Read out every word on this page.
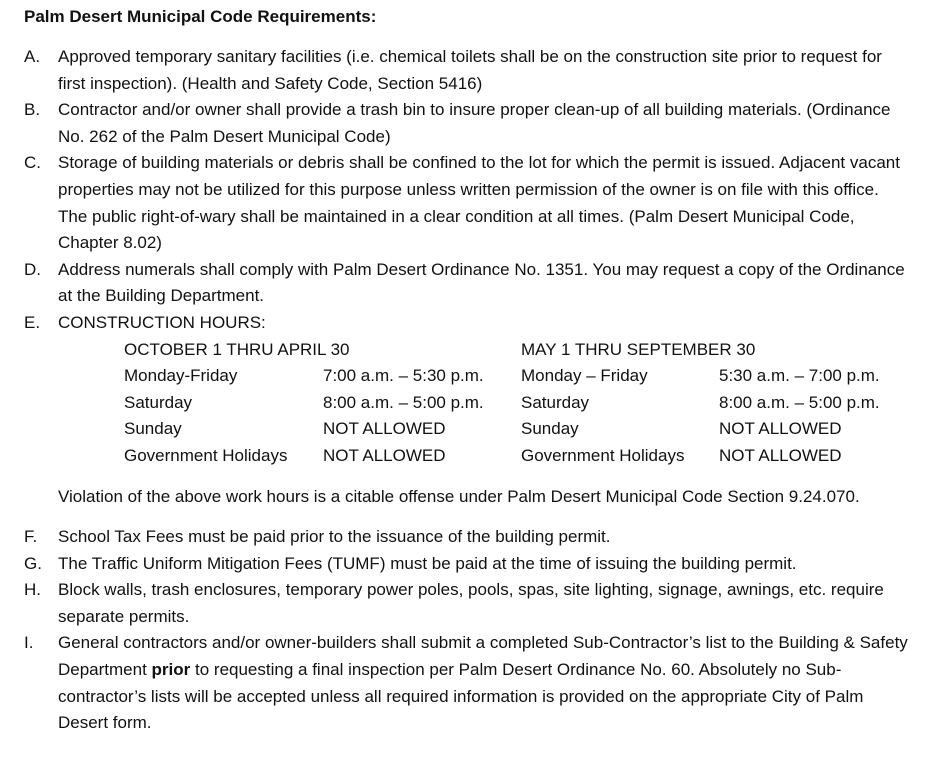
Palm Desert Municipal Code Requirements:
A.	Approved temporary sanitary facilities (i.e. chemical toilets shall be on the construction site prior to request for first inspection). (Health and Safety Code, Section 5416)
B.	Contractor and/or owner shall provide a trash bin to insure proper clean-up of all building materials. (Ordinance No. 262 of the Palm Desert Municipal Code)
C.	Storage of building materials or debris shall be confined to the lot for which the permit is issued. Adjacent vacant properties may not be utilized for this purpose unless written permission of the owner is on file with this office. The public right-of-wary shall be maintained in a clear condition at all times. (Palm Desert Municipal Code, Chapter 8.02)
D.	Address numerals shall comply with Palm Desert Ordinance No. 1351. You may request a copy of the Ordinance at the Building Department.
E.	CONSTRUCTION HOURS:
OCTOBER 1 THRU APRIL 30	MAY 1 THRU SEPTEMBER 30
Monday-Friday	7:00 a.m. – 5:30 p.m.	Monday – Friday	5:30 a.m. – 7:00 p.m.
Saturday	8:00 a.m. – 5:00 p.m.	Saturday	8:00 a.m. – 5:00 p.m.
Sunday	NOT ALLOWED	Sunday	NOT ALLOWED
Government Holidays	NOT ALLOWED	Government Holidays	NOT ALLOWED
Violation of the above work hours is a citable offense under Palm Desert Municipal Code Section 9.24.070.
F.	School Tax Fees must be paid prior to the issuance of the building permit.
G. The Traffic Uniform Mitigation Fees (TUMF) must be paid at the time of issuing the building permit.
H.	Block walls, trash enclosures, temporary power poles, pools, spas, site lighting, signage, awnings, etc. require separate permits.
I.	General contractors and/or owner-builders shall submit a completed Sub-Contractor’s list to the Building & Safety Department prior to requesting a final inspection per Palm Desert Ordinance No. 60. Absolutely no Sub-contractor’s lists will be accepted unless all required information is provided on the appropriate City of Palm Desert form.
